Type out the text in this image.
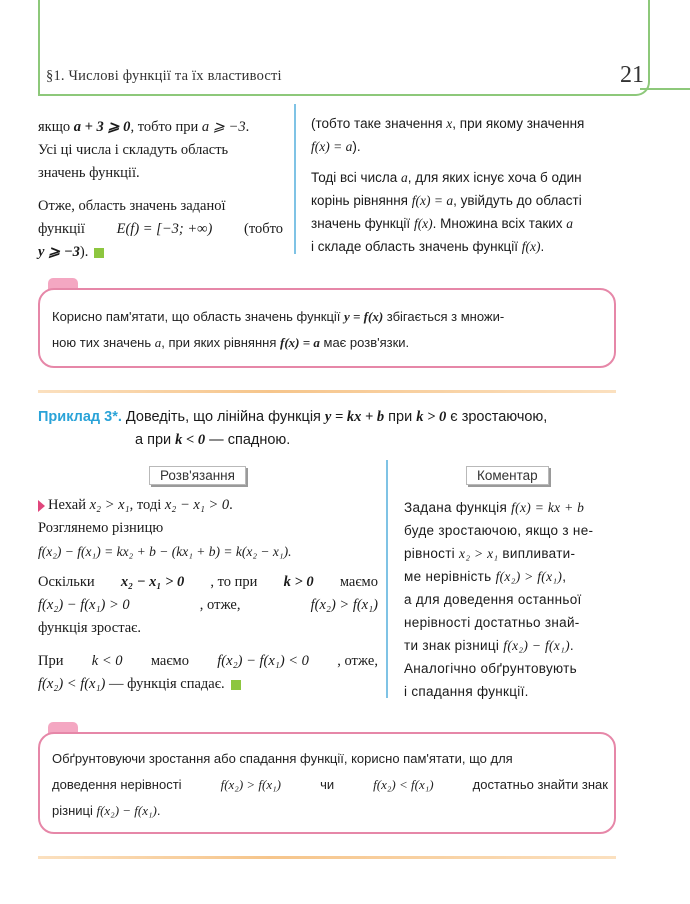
§1. Числові функції та їх властивості	21
якщо a + 3 ⩾ 0, тобто при a ⩾ −3.
Усі ці числа і складуть область
значень функції.
Отже, область значень заданої
функції E(f) = [−3; +∞) (тобто
y ⩾ −3).
(тобто таке значення x, при якому значення
f(x) = a).
Тоді всі числа a, для яких існує хоча б один
корінь рівняння f(x) = a, увійдуть до області
значень функції f(x). Множина всіх таких a
і складе область значень функції f(x).
Корисно пам'ятати, що область значень функції y = f(x) збігається з множи-
ною тих значень a, при яких рівняння f(x) = a має розв'язки.
Приклад 3*. Доведіть, що лінійна функція y = kx + b при k > 0 є зростаючою,
а при k < 0 — спадною.
Розв'язання
Нехай x₂ > x₁, тоді x₂ − x₁ > 0.
Розглянемо різницю
f(x₂) − f(x₁) = kx₂ + b − (kx₁ + b) = k(x₂ − x₁).
Оскільки x₂ − x₁ > 0 , то при k > 0 маємо
f(x₂) − f(x₁) > 0	, отже,	f(x₂) > f(x₁)
функція зростає.
При k < 0 маємо f(x₂) − f(x₁) < 0 , отже,
f(x₂) < f(x₁) — функція спадає.
Коментар
Задана функція f(x) = kx + b
буде зростаючою, якщо з не-
рівності x₂ > x₁ випливати-
ме нерівність f(x₂) > f(x₁),
а для доведення останньої
нерівності достатньо знай-
ти знак різниці f(x₂) − f(x₁).
Аналогічно обґрунтовують
і спадання функції.
Обґрунтовуючи зростання або спадання функції, корисно пам'ятати, що для
доведення нерівності	f(x₂) > f(x₁)	чи	f(x₂) < f(x₁)	достатньо знайти знак
різниці f(x₂) − f(x₁).
